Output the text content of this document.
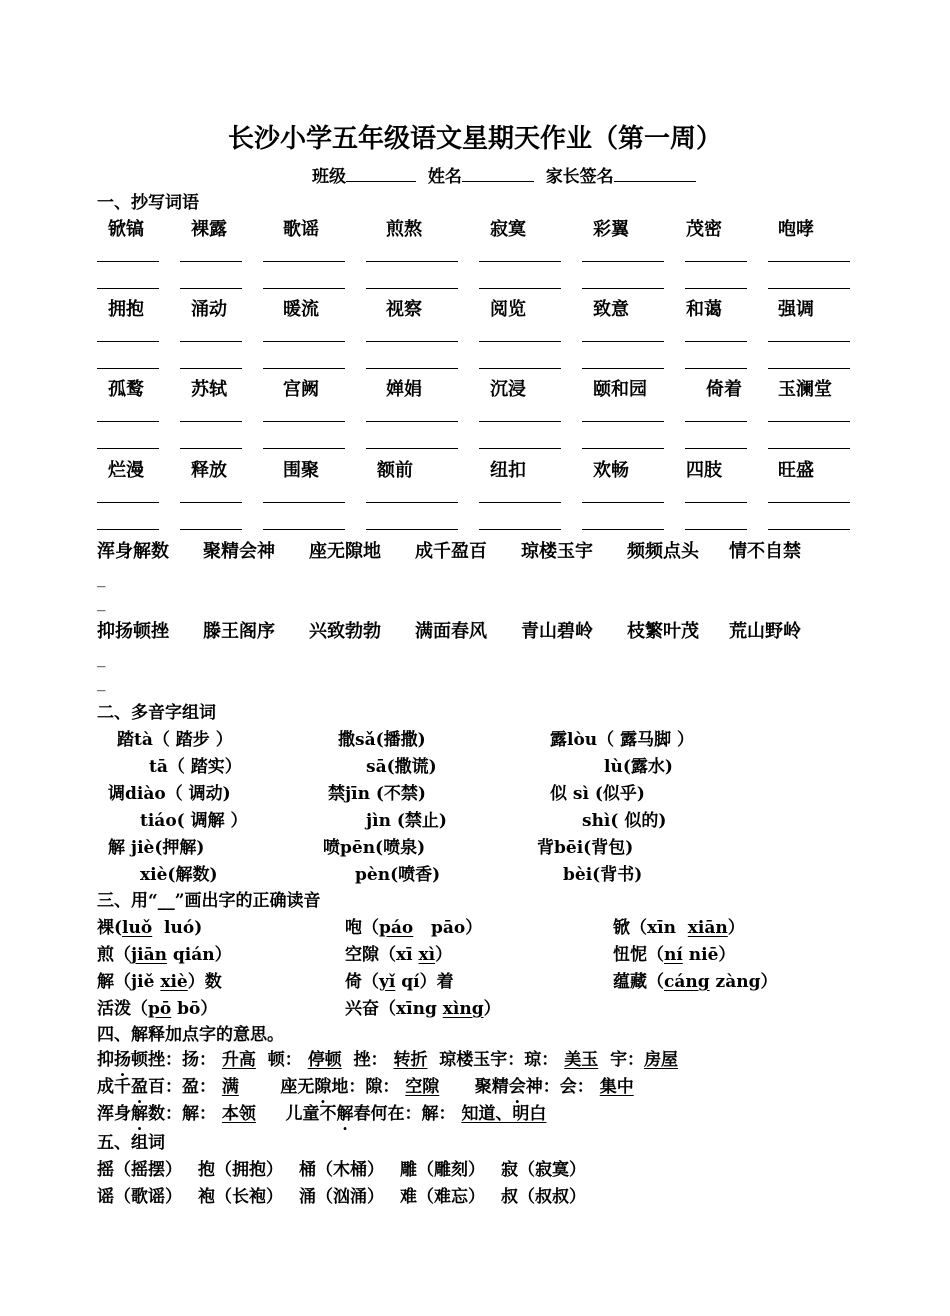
长沙小学五年级语文星期天作业（第一周）
班级	姓名	家长签名
一、抄写词语
锨镐	裸露	歌谣	煎熬	寂寞	彩翼	茂密	咆哮
拥抱	涌动	暖流	视察	阅览	致意	和蔼	强调
孤鹜	苏轼	宫阙	婵娟	沉浸	颐和园	倚着 玉澜堂
烂漫	释放	围聚	额前	纽扣	欢畅	四肢	旺盛
浑身解数 聚精会神 座无隙地 成千盈百 琼楼玉宇 频频点头 情不自禁
_
_
抑扬顿挫 滕王阁序 兴致勃勃 满面春风 青山碧岭 枝繁叶茂 荒山野岭
_
_
二、多音字组词
踏tà（ 踏步 ）	撒sǎ(播撒)	露lòu（ 露马脚 ）
tā（ 踏实）	sā(撒谎)	lù(露水)
调diào（ 调动)	禁jīn (不禁)	似 sì (似乎)
tiáo( 调解 ）	jìn (禁止)	shì( 似的)
解 jiè(押解)	喷pēn(喷泉)	背bēi(背包)
xiè(解数)	pèn(喷香)	bèi(背书)
三、用“__”画出字的正确读音
裸(luǒ  luó)	咆（páo   pāo）	锨（xīn  xiān）
煎（jiān qián）	空隙（xī xì）	忸怩（ní niē）
解（jiě xiè）数	倚（yǐ qí）着	蕴藏（cáng zàng）
活泼（pō bō）	兴奋（xīng xìng）
四、解释加点字的意思。
抑扬顿挫：扬： 升高 顿： 停顿 挫： 转折 琼楼玉宇：琼： 美玉 宇：房屋
成千盈百：盈： 满 座无隙地：隙： 空隙 聚精会神：会： 集中
浑身解数：解： 本领 儿童不解春何在：解： 知道、明白
五、组词
摇（摇摆） 抱（拥抱） 桶（木桶） 雕（雕刻） 寂（寂寞）
谣（歌谣） 袍（长袍） 涌（汹涌） 难（难忘） 叔（叔叔）
